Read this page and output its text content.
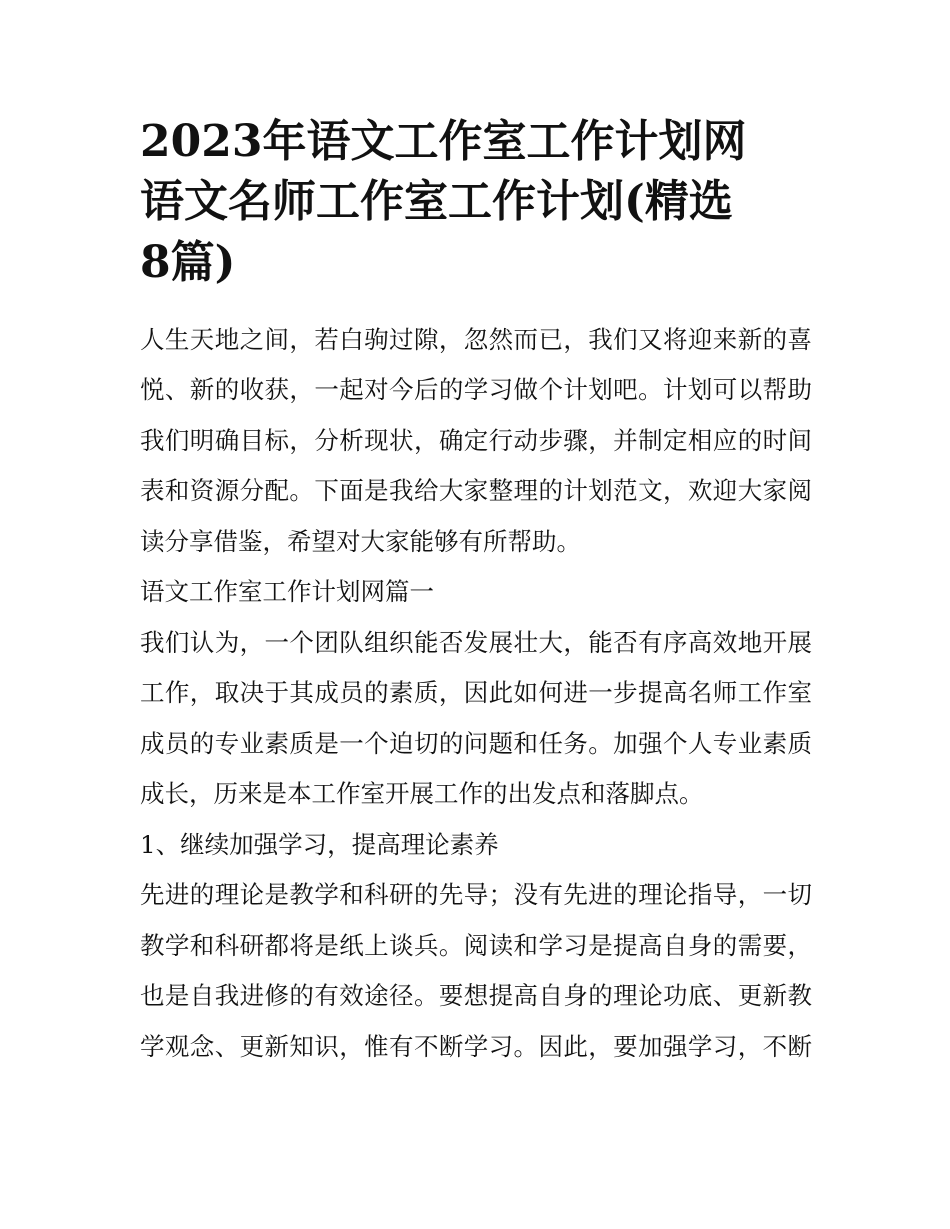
2023年语文工作室工作计划网
语文名师工作室工作计划(精选
8篇)

人生天地之间，若白驹过隙，忽然而已，我们又将迎来新的喜
悦、新的收获，一起对今后的学习做个计划吧。计划可以帮助
我们明确目标，分析现状，确定行动步骤，并制定相应的时间
表和资源分配。下面是我给大家整理的计划范文，欢迎大家阅
读分享借鉴，希望对大家能够有所帮助。

语文工作室工作计划网篇一

我们认为，一个团队组织能否发展壮大，能否有序高效地开展
工作，取决于其成员的素质，因此如何进一步提高名师工作室
成员的专业素质是一个迫切的问题和任务。加强个人专业素质
成长，历来是本工作室开展工作的出发点和落脚点。

1、继续加强学习，提高理论素养

先进的理论是教学和科研的先导；没有先进的理论指导，一切
教学和科研都将是纸上谈兵。阅读和学习是提高自身的需要，
也是自我进修的有效途径。要想提高自身的理论功底、更新教
学观念、更新知识，惟有不断学习。因此，要加强学习，不断
